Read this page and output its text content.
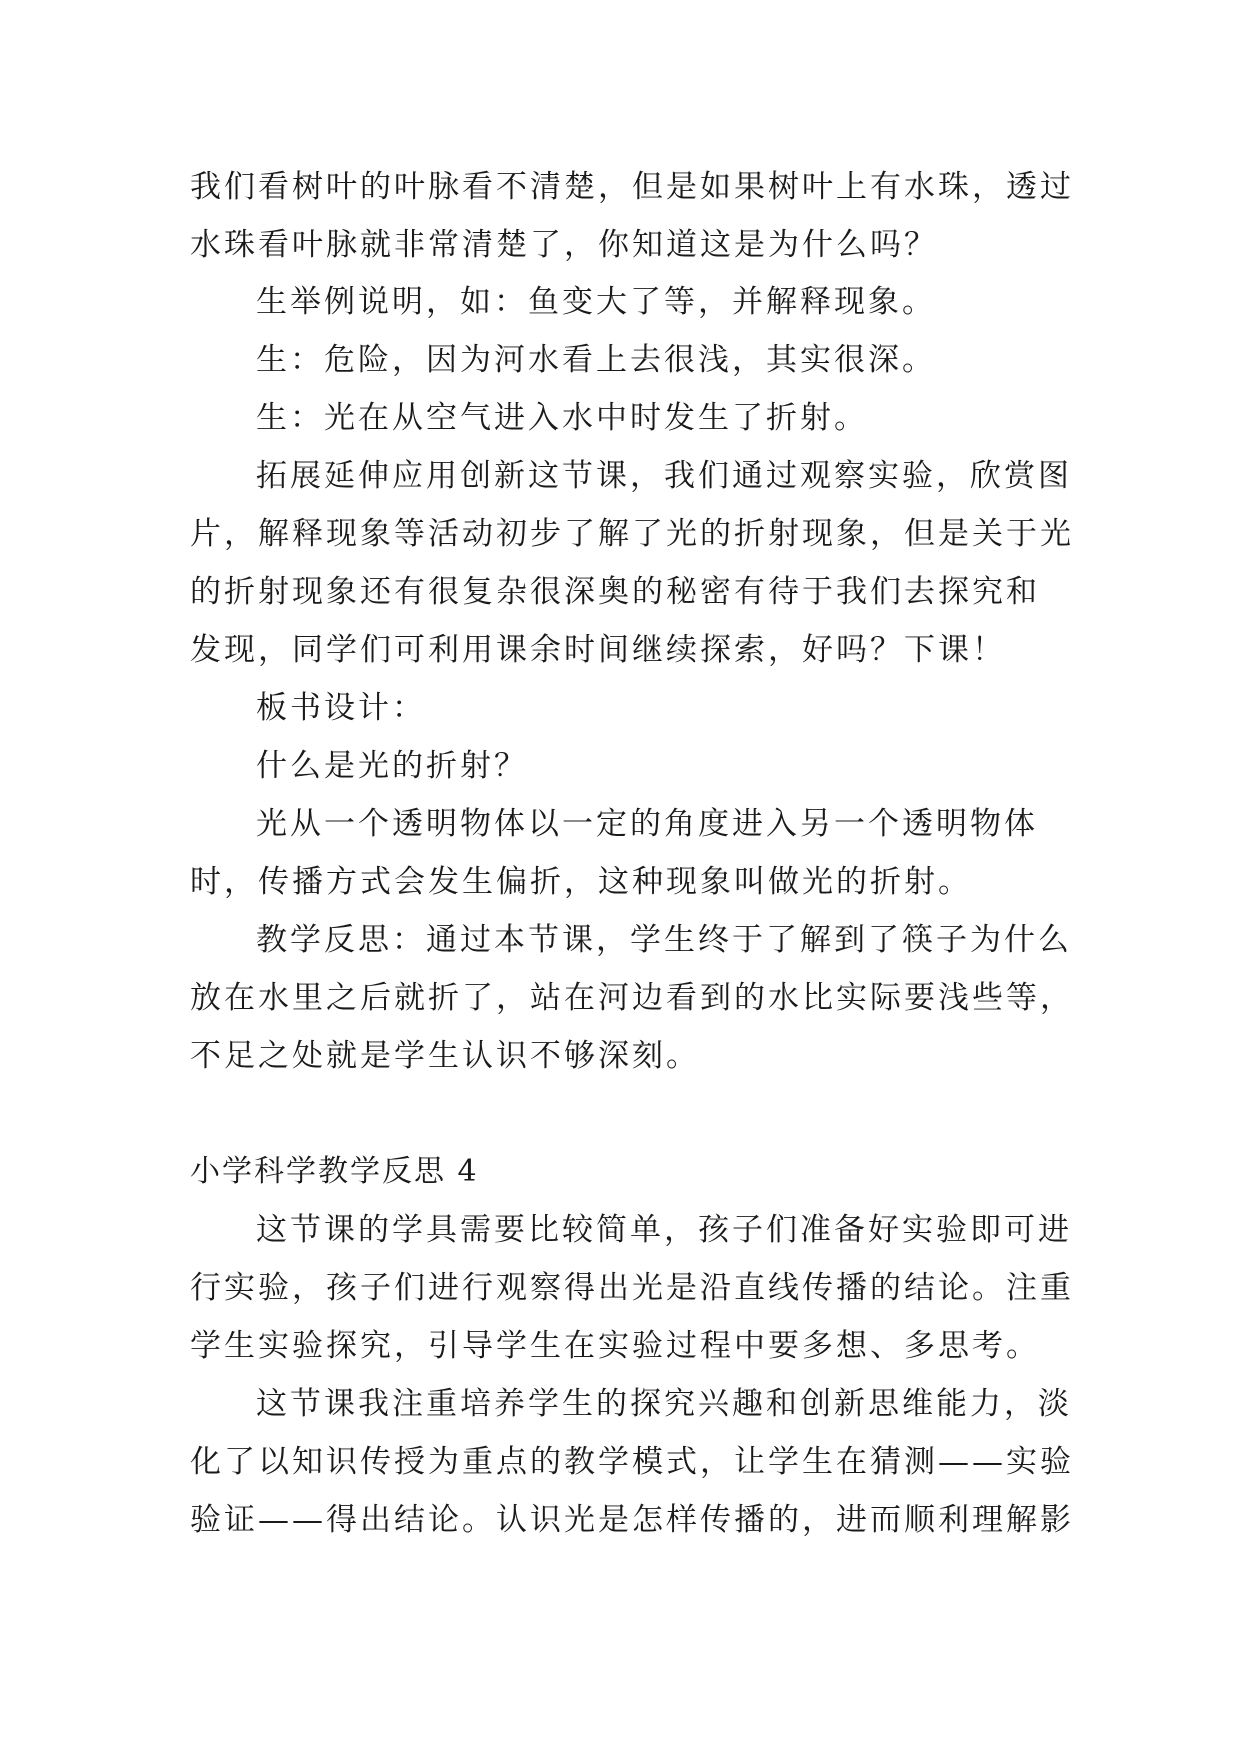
我们看树叶的叶脉看不清楚，但是如果树叶上有水珠，透过

水珠看叶脉就非常清楚了，你知道这是为什么吗？

生举例说明，如：鱼变大了等，并解释现象。

生：危险，因为河水看上去很浅，其实很深。

生：光在从空气进入水中时发生了折射。

拓展延伸应用创新这节课，我们通过观察实验，欣赏图

片，解释现象等活动初步了解了光的折射现象，但是关于光

的折射现象还有很复杂很深奥的秘密有待于我们去探究和

发现，同学们可利用课余时间继续探索，好吗？下课！

板书设计：

什么是光的折射？

光从一个透明物体以一定的角度进入另一个透明物体

时，传播方式会发生偏折，这种现象叫做光的折射。

教学反思：通过本节课，学生终于了解到了筷子为什么

放在水里之后就折了，站在河边看到的水比实际要浅些等，

不足之处就是学生认识不够深刻。

小学科学教学反思 4

这节课的学具需要比较简单，孩子们准备好实验即可进

行实验，孩子们进行观察得出光是沿直线传播的结论。注重

学生实验探究，引导学生在实验过程中要多想、多思考。

这节课我注重培养学生的探究兴趣和创新思维能力，淡

化了以知识传授为重点的教学模式，让学生在猜测——实验

验证——得出结论。认识光是怎样传播的，进而顺利理解影
